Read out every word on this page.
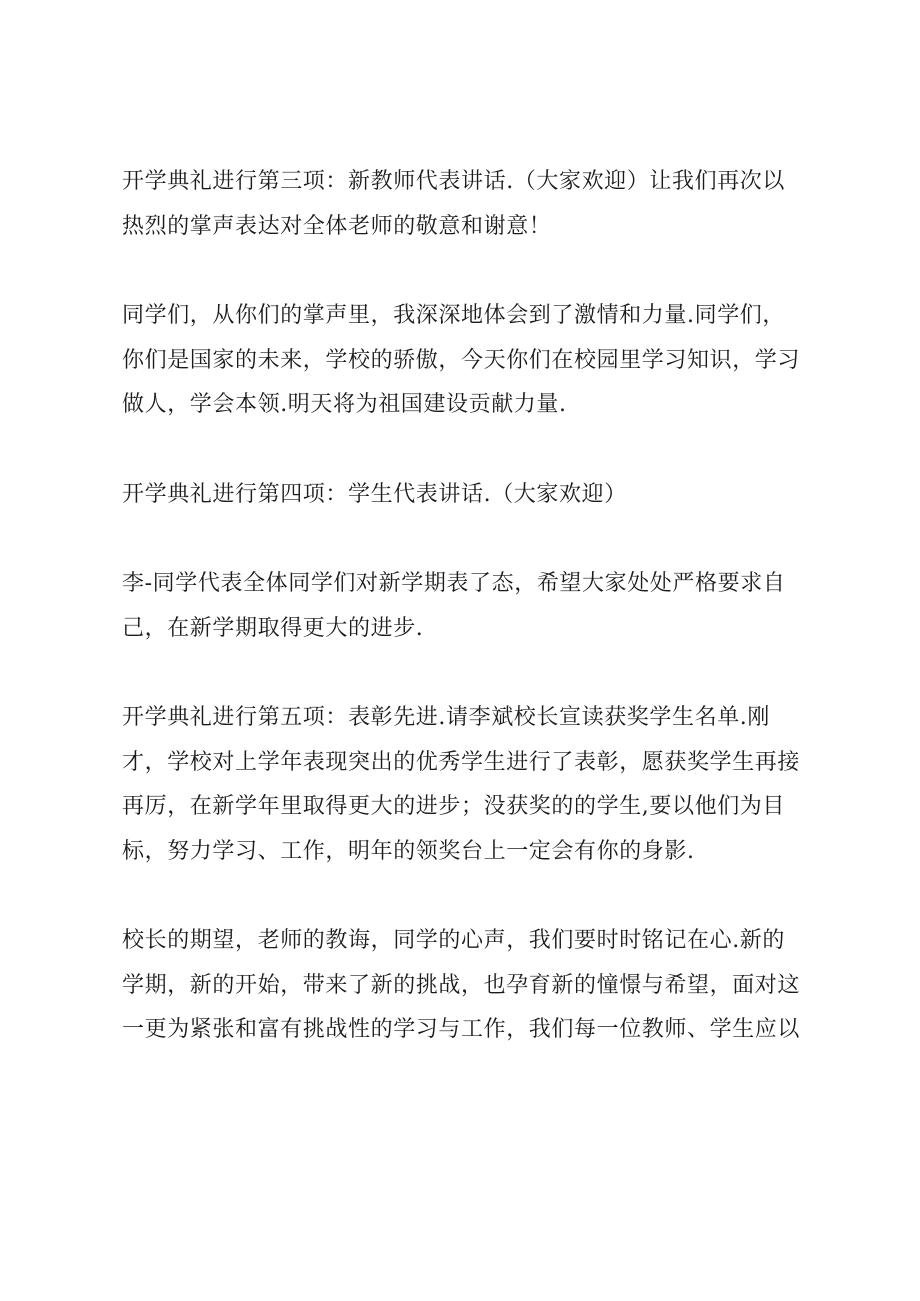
开学典礼进行第三项：新教师代表讲话.（大家欢迎）让我们再次以
热烈的掌声表达对全体老师的敬意和谢意！

同学们，从你们的掌声里，我深深地体会到了激情和力量.同学们，
你们是国家的未来，学校的骄傲，今天你们在校园里学习知识，学习
做人，学会本领.明天将为祖国建设贡献力量.

开学典礼进行第四项：学生代表讲话.（大家欢迎）

李-同学代表全体同学们对新学期表了态，希望大家处处严格要求自
己，在新学期取得更大的进步.

开学典礼进行第五项：表彰先进.请李斌校长宣读获奖学生名单.刚
才，学校对上学年表现突出的优秀学生进行了表彰，愿获奖学生再接
再厉，在新学年里取得更大的进步；没获奖的的学生,要以他们为目
标，努力学习、工作，明年的领奖台上一定会有你的身影.

校长的期望，老师的教诲，同学的心声，我们要时时铭记在心.新的
学期，新的开始，带来了新的挑战，也孕育新的憧憬与希望，面对这
一更为紧张和富有挑战性的学习与工作，我们每一位教师、学生应以
